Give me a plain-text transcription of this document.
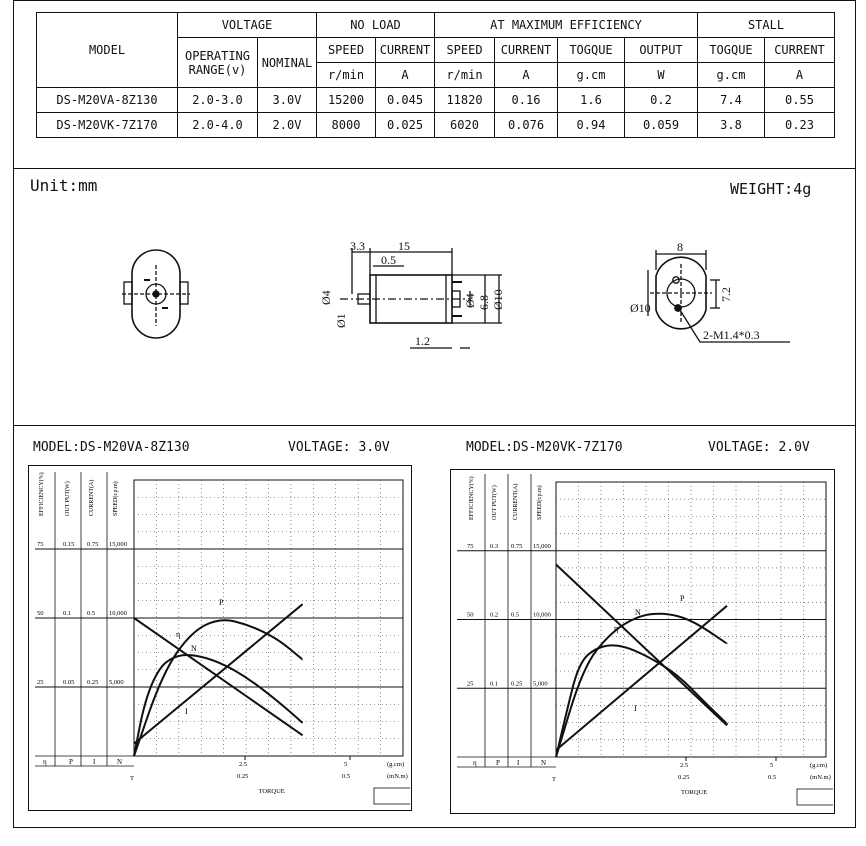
MODEL	VOLTAGE		NO LOAD		AT MAXIMUM EFFICIENCY				STALL	

	OPERATING
RANGE(v)	NOMINAL	SPEED	CURRENT	SPEED	CURRENT	TOGQUE	OUTPUT	TOGQUE	CURRENT
			r/min	A	r/min	A	g.cm	W	g.cm	A
DS-M20VA-8Z130	2.0-3.0	3.0V	15200	0.045	11820	0.16	1.6	0.2	7.4	0.55
DS-M20VK-7Z170	2.0-4.0	2.0V	8000	0.025	6020	0.076	0.94	0.059	3.8	0.23
Unit:mm	WEIGHT:4g
3.3	15
0.5
1.2
Ø4
Ø1
Ø4 6.8 Ø10	Ø10
8
7.2
2-M1.4*0.3
MODEL:DS-M20VA-8Z130	VOLTAGE: 3.0V	MODEL:DS-M20VK-7Z170	VOLTAGE: 2.0V
EFFICIENCY(%)	OUT PUT(W)	CURRENT(A)	SPEED(r.p.m)
25
50
75
0.05
0.1
0.15
0.25
0.5
0.75
5,000
10,000
15,000
η	P	I	N
T
2.5	5
0.25	0.5
(g.cm)
(mN.m)
TORQUE
P
η
N
I
EFFICIENCY(%)	OUT PUT(W)	CURRENT(A)	SPEED(r.p.m)
25
50
75
0.1
0.2
0.3
0.25
0.5
0.75
5,000
10,000
15,000
η	P I	N
T
2.5	5
0.25	0.5
(g.cm)
(mN.m)
TORQUE
P
η
N
I
